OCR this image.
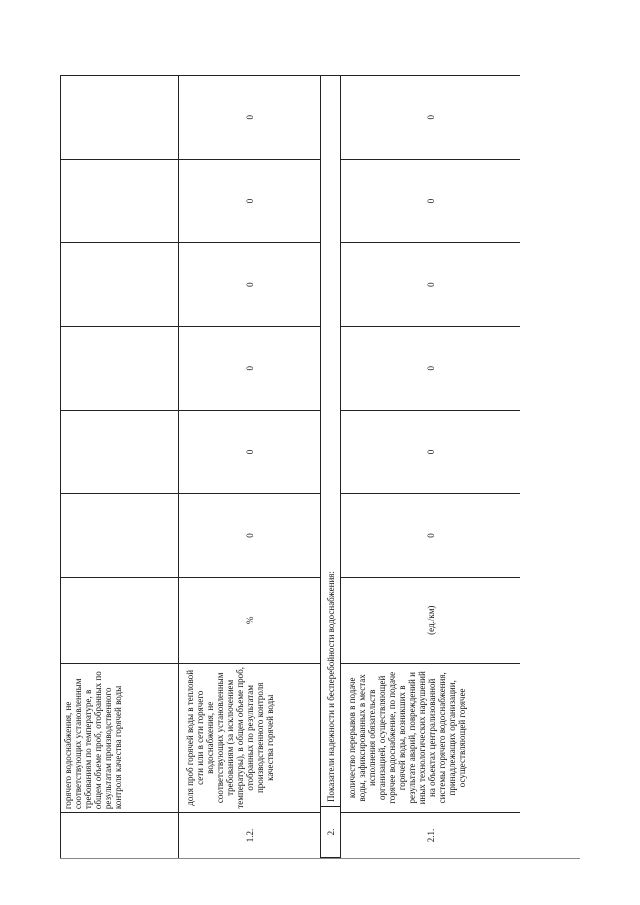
горячего водоснабжения, не соответствующих установленным требованиям по температуре, в общем объеме проб, отобранных по результатам производственного контроля качества горячей воды
1.2.
доля проб горячей воды в тепловой сети или в сети горячего водоснабжения, не соответствующих установленным требованиям (за исключением температуры), в общем объеме проб, отобранных по результатам производственного контроля качества горячей воды
%
0
0
0
0
0
0
2.
Показатели надежности и бесперебойности водоснабжения:
2.1.
количество перерывов в подаче воды, зафиксированных в местах исполнения обязательств организацией, осуществляющей горячее водоснабжение, по подаче горячей воды, возникших в результате аварий, повреждений и иных технологических нарушений на объектах централизованной системы горячего водоснабжения, принадлежащих организации, осуществляющей горячее
(ед./км)
0
0
0
0
0
0
